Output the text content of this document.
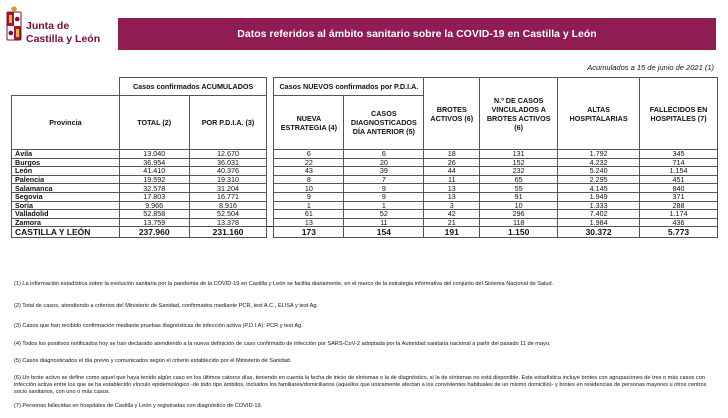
Junta de
Castilla y León	Datos referidos al ámbito sanitario sobre la COVID-19 en Castilla y León
Acumulados a 15 de junio de 2021 (1)
	Casos confirmados ACUMULADOS			Casos NUEVOS confirmados por P.D.I.A.		BROTES ACTIVOS (6)	N.º DE CASOS VINCULADOS A BROTES ACTIVOS (6)	ALTAS HOSPITALARIAS	FALLECIDOS EN HOSPITALES (7)
Provincia	TOTAL (2)	POR P.D.I.A. (3)		NUEVA ESTRATEGIA (4)	CASOS DIAGNOSTICADOS DÍA ANTERIOR (5)				
Ávila	13.040	12.670		6	6	18	131	1.792	345
Burgos	36.954	36.031		22	20	26	152	4.232	714
León	41.410	40.376		43	39	44	232	5.240	1.154
Palencia	19.592	19.310		8	7	11	65	2.295	451
Salamanca	32.578	31.204		10	9	13	55	4.145	840
Segovia	17.803	16.771		9	9	13	91	1.949	371
Soria	9.966	8.916		1	1	3	10	1.333	288
Valladolid	52.858	52.504		61	52	42	296	7.402	1.174
Zamora	13.759	13.378		13	11	21	118	1.984	436
CASTILLA Y LEÓN	237.960	231.160		173	154	191	1.150	30.372	5.773

(1) La información estadística sobre la evolución sanitaria por la pandemia de la COVID-19 en Castilla y León se facilita diariamente, en el marco de la estrategia informativa del conjunto del Sistema Nacional de Salud.

(2) Total de casos, atendiendo a criterios del Ministerio de Sanidad, confirmados mediante PCR, test A.C., ELISA y test Ag.

(3) Casos que han recibido confirmación mediante pruebas diagnósticas de infección activa (P.D.I.A): PCR y test Ag.

(4) Todos los positivos notificados hoy se han declarado atendiendo a la nueva definición de caso confirmado de infección por SARS-CoV-2 adoptada por la Autoridad sanitaria nacional a partir del pasado 11 de mayo.

(5) Casos diagnosticados el día previo y comunicados según el criterio establecido por el Ministerio de Sanidad.

(6) Un brote activo se define como aquel que haya tenido algún caso en los últimos catorce días, teniendo en cuenta la fecha de inicio de síntomas o la de diagnóstico, si la de síntomas no está disponible. Esta estadística incluye brotes con agrupaciones de tres o más casos con infección activa entre los que se ha establecido vínculo epidemiológico -de todo tipo ámbitos, incluidos los familiares/domiciliarios (aquellos que únicamente afectan a los convivientes habituales de un mismo domicilio)- y brotes en residencias de personas mayores u otros centros socio sanitarios, con uno o más casos.

(7) Personas fallecidas en hospitales de Castilla y León y registradas con diagnóstico de COVID-19.
